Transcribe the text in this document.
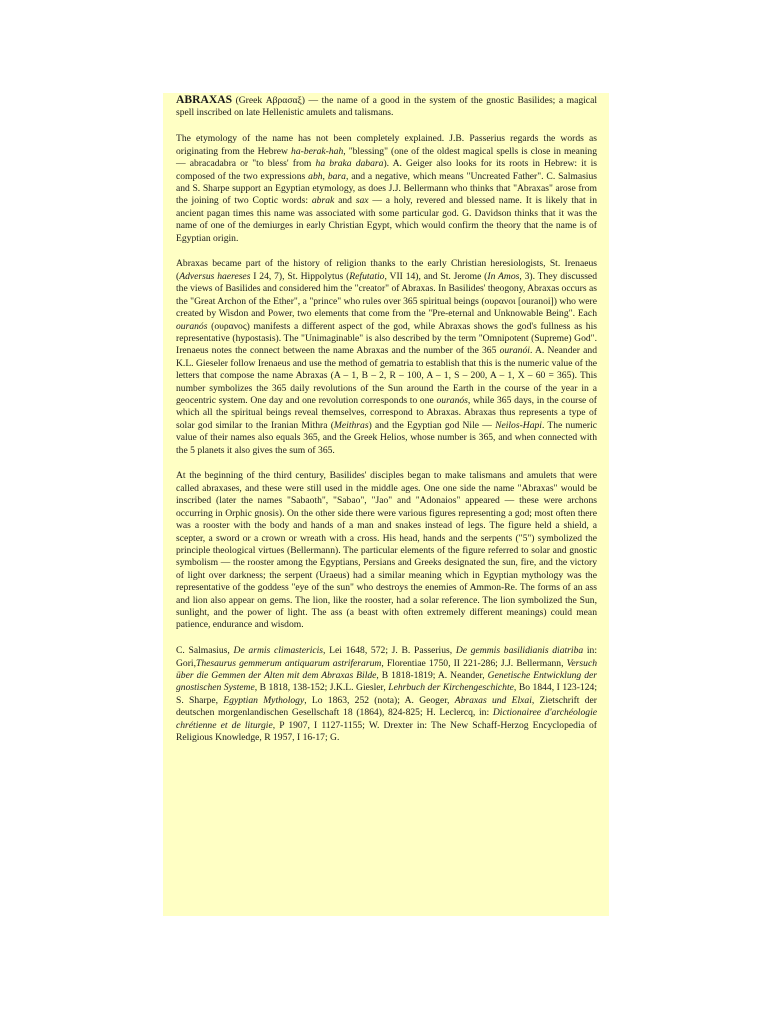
ABRAXAS (Greek Αβρασαξ) — the name of a good in the system of the gnostic Basilides; a magical spell inscribed on late Hellenistic amulets and talismans.

The etymology of the name has not been completely explained. J.B. Passerius regards the words as originating from the Hebrew ha-berak-hah, "blessing" (one of the oldest magical spells is close in meaning — abracadabra or "to bless' from ha braka dabara). A. Geiger also looks for its roots in Hebrew: it is composed of the two expressions abh, bara, and a negative, which means "Uncreated Father". C. Salmasius and S. Sharpe support an Egyptian etymology, as does J.J. Bellermann who thinks that "Abraxas" arose from the joining of two Coptic words: abrak and sax — a holy, revered and blessed name. It is likely that in ancient pagan times this name was associated with some particular god. G. Davidson thinks that it was the name of one of the demiurges in early Christian Egypt, which would confirm the theory that the name is of Egyptian origin.

Abraxas became part of the history of religion thanks to the early Christian heresiologists, St. Irenaeus (Adversus haereses I 24, 7), St. Hippolytus (Refutatio, VII 14), and St. Jerome (In Amos, 3). They discussed the views of Basilides and considered him the "creator" of Abraxas. In Basilides' theogony, Abraxas occurs as the "Great Archon of the Ether", a "prince" who rules over 365 spiritual beings (ουρανοι [ouranoi]) who were created by Wisdon and Power, two elements that come from the "Pre-eternal and Unknowable Being". Each ouranós (ουρανος) manifests a different aspect of the god, while Abraxas shows the god's fullness as his representative (hypostasis). The "Unimaginable" is also described by the term "Omnipotent (Supreme) God". Irenaeus notes the connect between the name Abraxas and the number of the 365 ouranói. A. Neander and K.L. Gieseler follow Irenaeus and use the method of gematria to establish that this is the numeric value of the letters that compose the name Abraxas (A – 1, B – 2, R – 100, A – 1, S – 200, A – 1, X – 60 = 365). This number symbolizes the 365 daily revolutions of the Sun around the Earth in the course of the year in a geocentric system. One day and one revolution corresponds to one ouranós, while 365 days, in the course of which all the spiritual beings reveal themselves, correspond to Abraxas. Abraxas thus represents a type of solar god similar to the Iranian Mithra (Meithras) and the Egyptian god Nile — Neilos-Hapi. The numeric value of their names also equals 365, and the Greek Helios, whose number is 365, and when connected with the 5 planets it also gives the sum of 365.

At the beginning of the third century, Basilides' disciples began to make talismans and amulets that were called abraxases, and these were still used in the middle ages. One one side the name "Abraxas" would be inscribed (later the names "Sabaoth", "Sabao", "Jao" and "Adonaios" appeared — these were archons occurring in Orphic gnosis). On the other side there were various figures representing a god; most often there was a rooster with the body and hands of a man and snakes instead of legs. The figure held a shield, a scepter, a sword or a crown or wreath with a cross. His head, hands and the serpents ("5") symbolized the principle theological virtues (Bellermann). The particular elements of the figure referred to solar and gnostic symbolism — the rooster among the Egyptians, Persians and Greeks designated the sun, fire, and the victory of light over darkness; the serpent (Uraeus) had a similar meaning which in Egyptian mythology was the representative of the goddess "eye of the sun" who destroys the enemies of Ammon-Re. The forms of an ass and lion also appear on gems. The lion, like the rooster, had a solar reference. The lion symbolized the Sun, sunlight, and the power of light. The ass (a beast with often extremely different meanings) could mean patience, endurance and wisdom.

C. Salmasius, De armis climastericis, Lei 1648, 572; J. B. Passerius, De gemmis basilidianis diatriba in: Gori,Thesaurus gemmerum antiquarum astriferarum, Florentiae 1750, II 221-286; J.J. Bellermann, Versuch über die Gemmen der Alten mit dem Abraxas Bilde, B 1818-1819; A. Neander, Genetische Entwicklung der gnostischen Systeme, B 1818, 138-152; J.K.L. Giesler, Lehrbuch der Kirchengeschichte, Bo 1844, I 123-124; S. Sharpe, Egyptian Mythology, Lo 1863, 252 (nota); A. Geoger, Abraxas und Elxai, Zietschrift der deutschen morgenlandischen Gesellschaft 18 (1864), 824-825; H. Leclercq, in: Dictionairee d'archéologie chrétienne et de liturgie, P 1907, I 1127-1155; W. Drexter in: The New Schaff-Herzog Encyclopedia of Religious Knowledge, R 1957, I 16-17; G.
